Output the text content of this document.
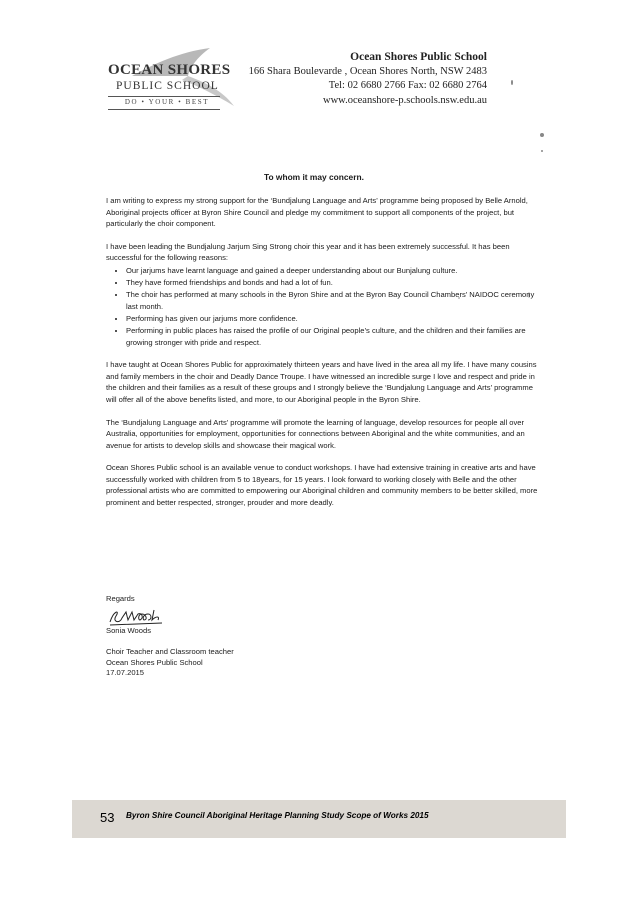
OCEAN SHORES
PUBLIC SCHOOL
DO • YOUR • BEST
Ocean Shores Public School
166 Shara Boulevarde , Ocean Shores North, NSW 2483
Tel: 02 6680 2766 Fax: 02 6680 2764
www.oceanshore-p.schools.nsw.edu.au
To whom it may concern.

I am writing to express my strong support for the ‘Bundjalung Language and Arts’ programme being proposed by Belle Arnold, Aboriginal projects officer at Byron Shire Council and pledge my commitment to support all components of the project, but particularly the choir component.

I have been leading the Bundjalung Jarjum Sing Strong choir this year and it has been extremely successful. It has been successful for the following reasons:

• Our jarjums have learnt language and gained a deeper understanding about our Bunjalung culture.
• They have formed friendships and bonds and had a lot of fun.
• The choir has performed at many schools in the Byron Shire and at the Byron Bay Council Chambers’ NAIDOC ceremony last month.
• Performing has given our jarjums more confidence.
• Performing in public places has raised the profile of our Original people’s culture, and the children and their families are growing stronger with pride and respect.

I have taught at Ocean Shores Public for approximately thirteen years and have lived in the area all my life. I have many cousins and family members in the choir and Deadly Dance Troupe. I have witnessed an incredible surge I love and respect and pride in the children and their families as a result of these groups and I strongly believe the ‘Bundjalung Language and Arts’ programme will offer all of the above benefits listed, and more, to our Aboriginal people in the Byron Shire.

The ‘Bundjalung Language and Arts’ programme will promote the learning of language, develop resources for people all over Australia, opportunities for employment, opportunities for connections between Aboriginal and the white communities, and an avenue for artists to develop skills and showcase their magical work.

Ocean Shores Public school is an available venue to conduct workshops. I have had extensive training in creative arts and have successfully worked with children from 5 to 18years, for 15 years. I look forward to working closely with Belle and the other professional artists who are committed to empowering our Aboriginal children and community members to be better skilled, more prominent and better respected, stronger, prouder and more deadly.

Regards
Sonia Woods
Choir Teacher and Classroom teacher
Ocean Shores Public School
17.07.2015
53 Byron Shire Council Aboriginal Heritage Planning Study Scope of Works 2015
